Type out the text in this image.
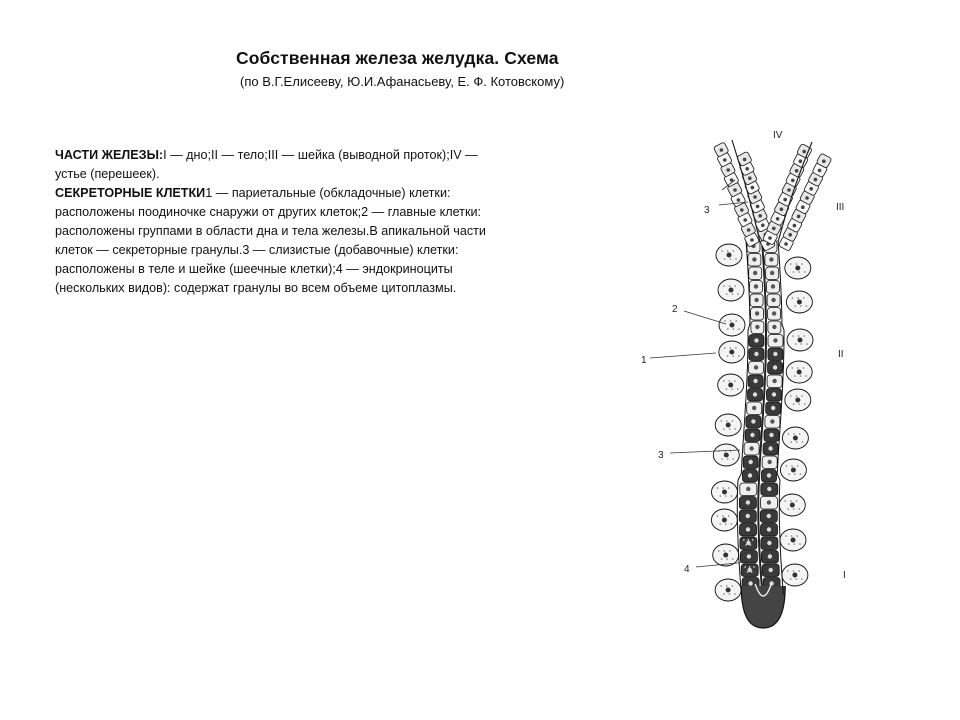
Собственная железа желудка. Схема
(по В.Г.Елисееву, Ю.И.Афанасьеву, Е. Ф. Котовскому)
ЧАСТИ ЖЕЛЕЗЫ:I — дно;II — тело;III — шейка (выводной проток);IV — устье (перешеек).
СЕКРЕТОРНЫЕ КЛЕТКИ1 — париетальные (обкладочные) клетки: расположены поодиночке снаружи от других клеток;2 — главные клетки: расположены группами в области дна и тела железы.В апикальной части клеток — секреторные гранулы.3 — слизистые (добавочные) клетки: расположены в теле и шейке (шеечные клетки);4 — эндокриноциты (нескольких видов): содержат гранулы во всем объеме цитоплазмы.
IV
III
II
I
3
2
1
3
4
